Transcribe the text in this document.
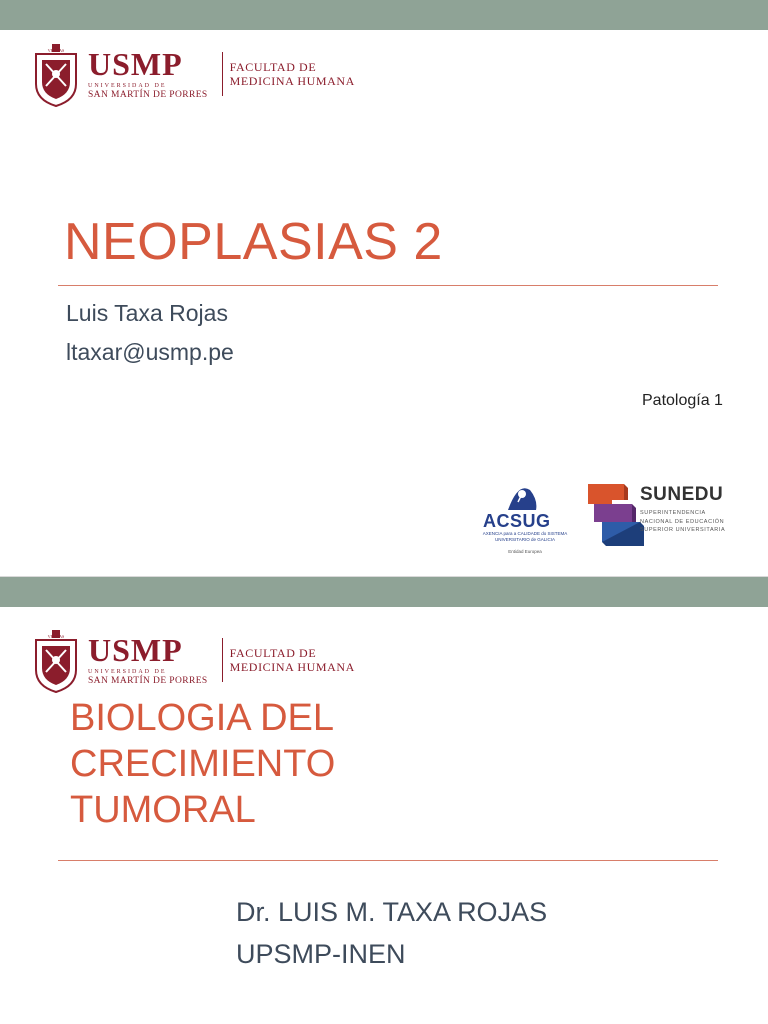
VERITAS USMP
UNIVERSIDAD DE
SAN MARTÍN DE PORRES
FACULTAD DE
MEDICINA HUMANA
NEOPLASIAS 2
Luis Taxa Rojas
ltaxar@usmp.pe
Patología 1
ACSUG
AXENCIA para a CALIDADE do SISTEMA UNIVERSITARIO de GALICIA
Entidad Europea
SUNEDU
SUPERINTENDENCIA
NACIONAL DE EDUCACIÓN
SUPERIOR UNIVERSITARIA
VERITAS USMP
UNIVERSIDAD DE
SAN MARTÍN DE PORRES
FACULTAD DE
MEDICINA HUMANA
BIOLOGIA DEL CRECIMIENTO TUMORAL
Dr. LUIS M. TAXA ROJAS
UPSMP-INEN
